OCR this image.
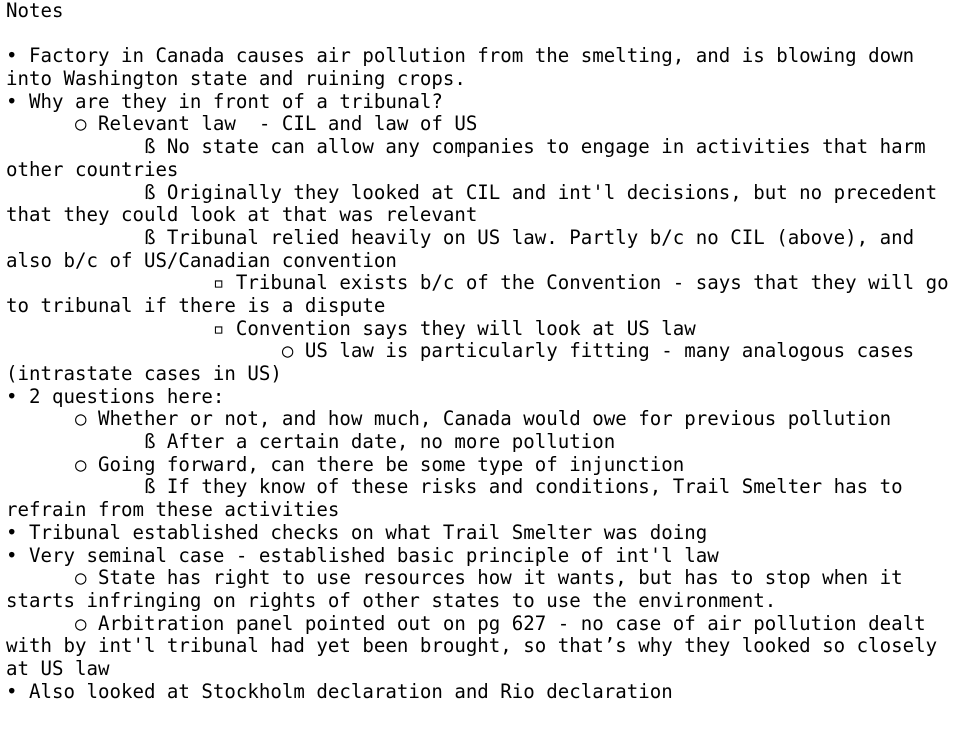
Notes
• Factory in Canada causes air pollution from the smelting, and is blowing down
into Washington state and ruining crops.
• Why are they in front of a tribunal?
○ Relevant law  - CIL and law of US
ß No state can allow any companies to engage in activities that harm
other countries
ß Originally they looked at CIL and int'l decisions, but no precedent
that they could look at that was relevant
ß Tribunal relied heavily on US law. Partly b/c no CIL (above), and
also b/c of US/Canadian convention
▫ Tribunal exists b/c of the Convention - says that they will go
to tribunal if there is a dispute
▫ Convention says they will look at US law
○ US law is particularly fitting - many analogous cases
(intrastate cases in US)
• 2 questions here:
○ Whether or not, and how much, Canada would owe for previous pollution
ß After a certain date, no more pollution
○ Going forward, can there be some type of injunction
ß If they know of these risks and conditions, Trail Smelter has to
refrain from these activities
• Tribunal established checks on what Trail Smelter was doing
• Very seminal case - established basic principle of int'l law
○ State has right to use resources how it wants, but has to stop when it
starts infringing on rights of other states to use the environment.
○ Arbitration panel pointed out on pg 627 - no case of air pollution dealt
with by int'l tribunal had yet been brought, so that’s why they looked so closely
at US law
• Also looked at Stockholm declaration and Rio declaration
